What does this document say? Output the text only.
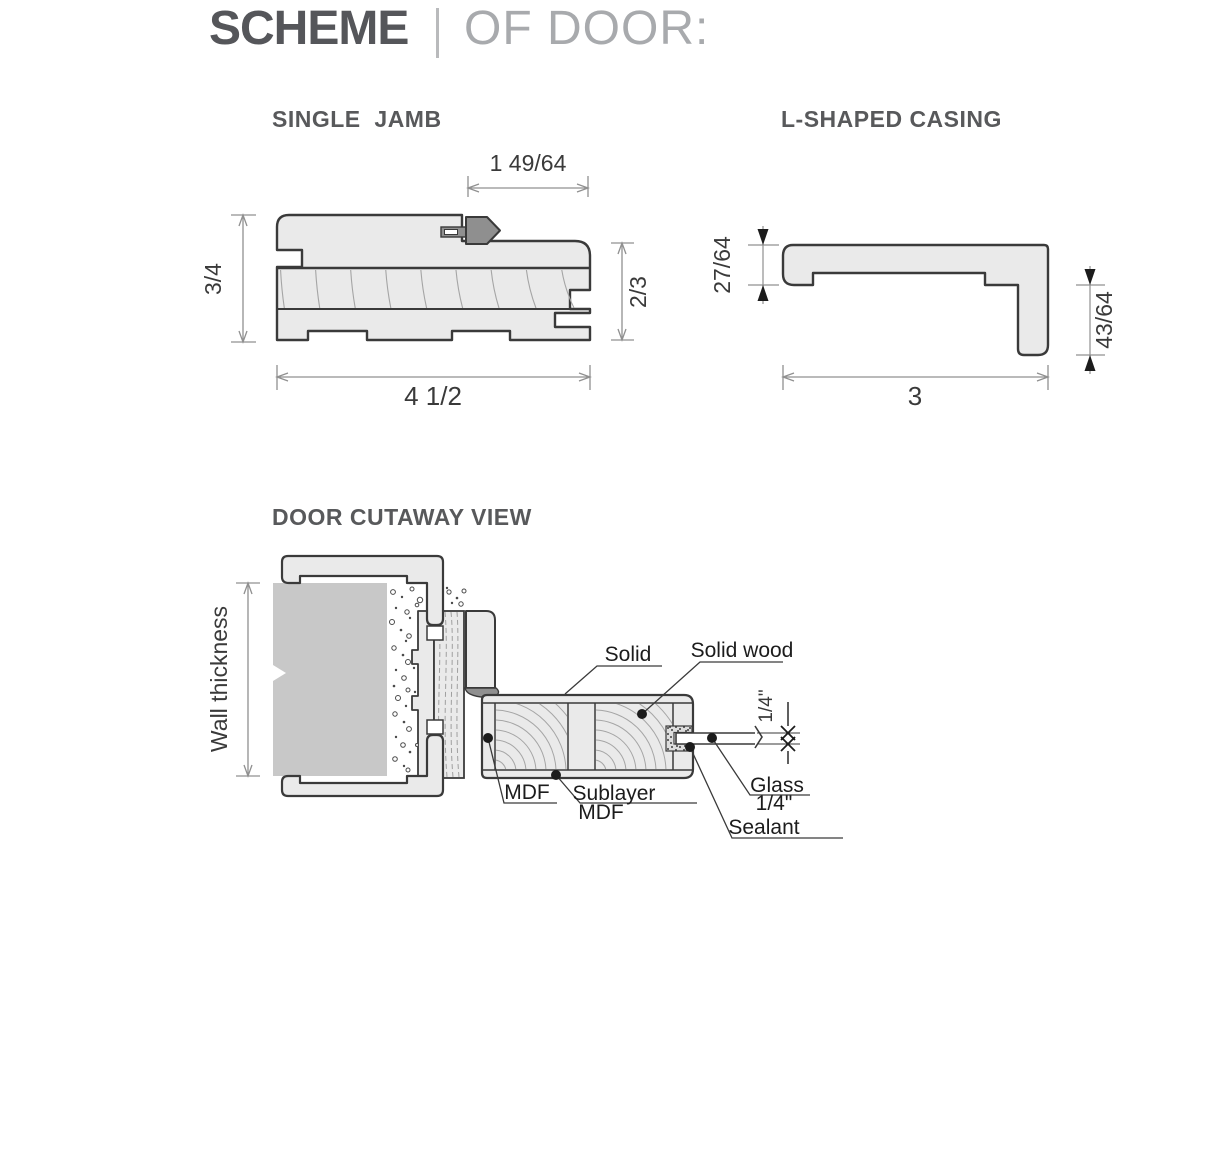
SCHEME OF DOOR:
SINGLE  JAMB	L-SHAPED CASING
DOOR CUTAWAY VIEW
1 49/64
3/4	2/3
4 1/2
27/64
43/64
3
1/4"
Wall thickness	Solid Solid wood
MDF Sublayer
MDF
Glass
1/4"
Sealant
